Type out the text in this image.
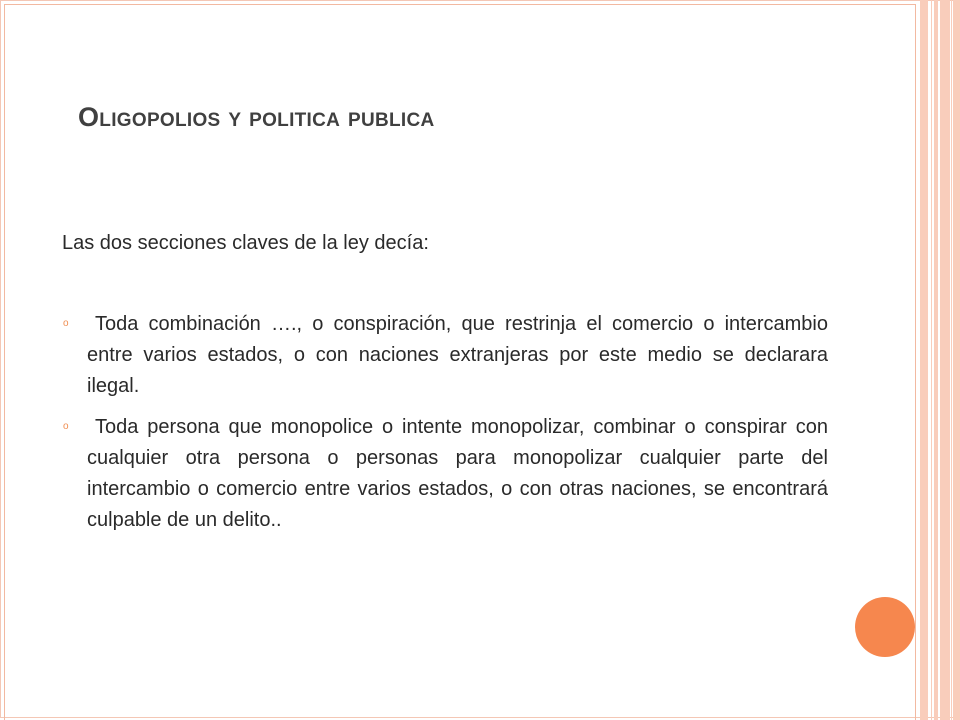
Oligopolios y politica publica

Las dos secciones claves de la ley decía:

o	Toda combinación …., o conspiración, que restrinja el comercio o intercambio entre varios estados, o con naciones extranjeras por este medio se declarara ilegal.
o	Toda persona que monopolice o intente monopolizar, combinar o conspirar con cualquier otra persona o personas para monopolizar cualquier parte del intercambio o comercio entre varios estados, o con otras naciones, se encontrará culpable de un delito..
